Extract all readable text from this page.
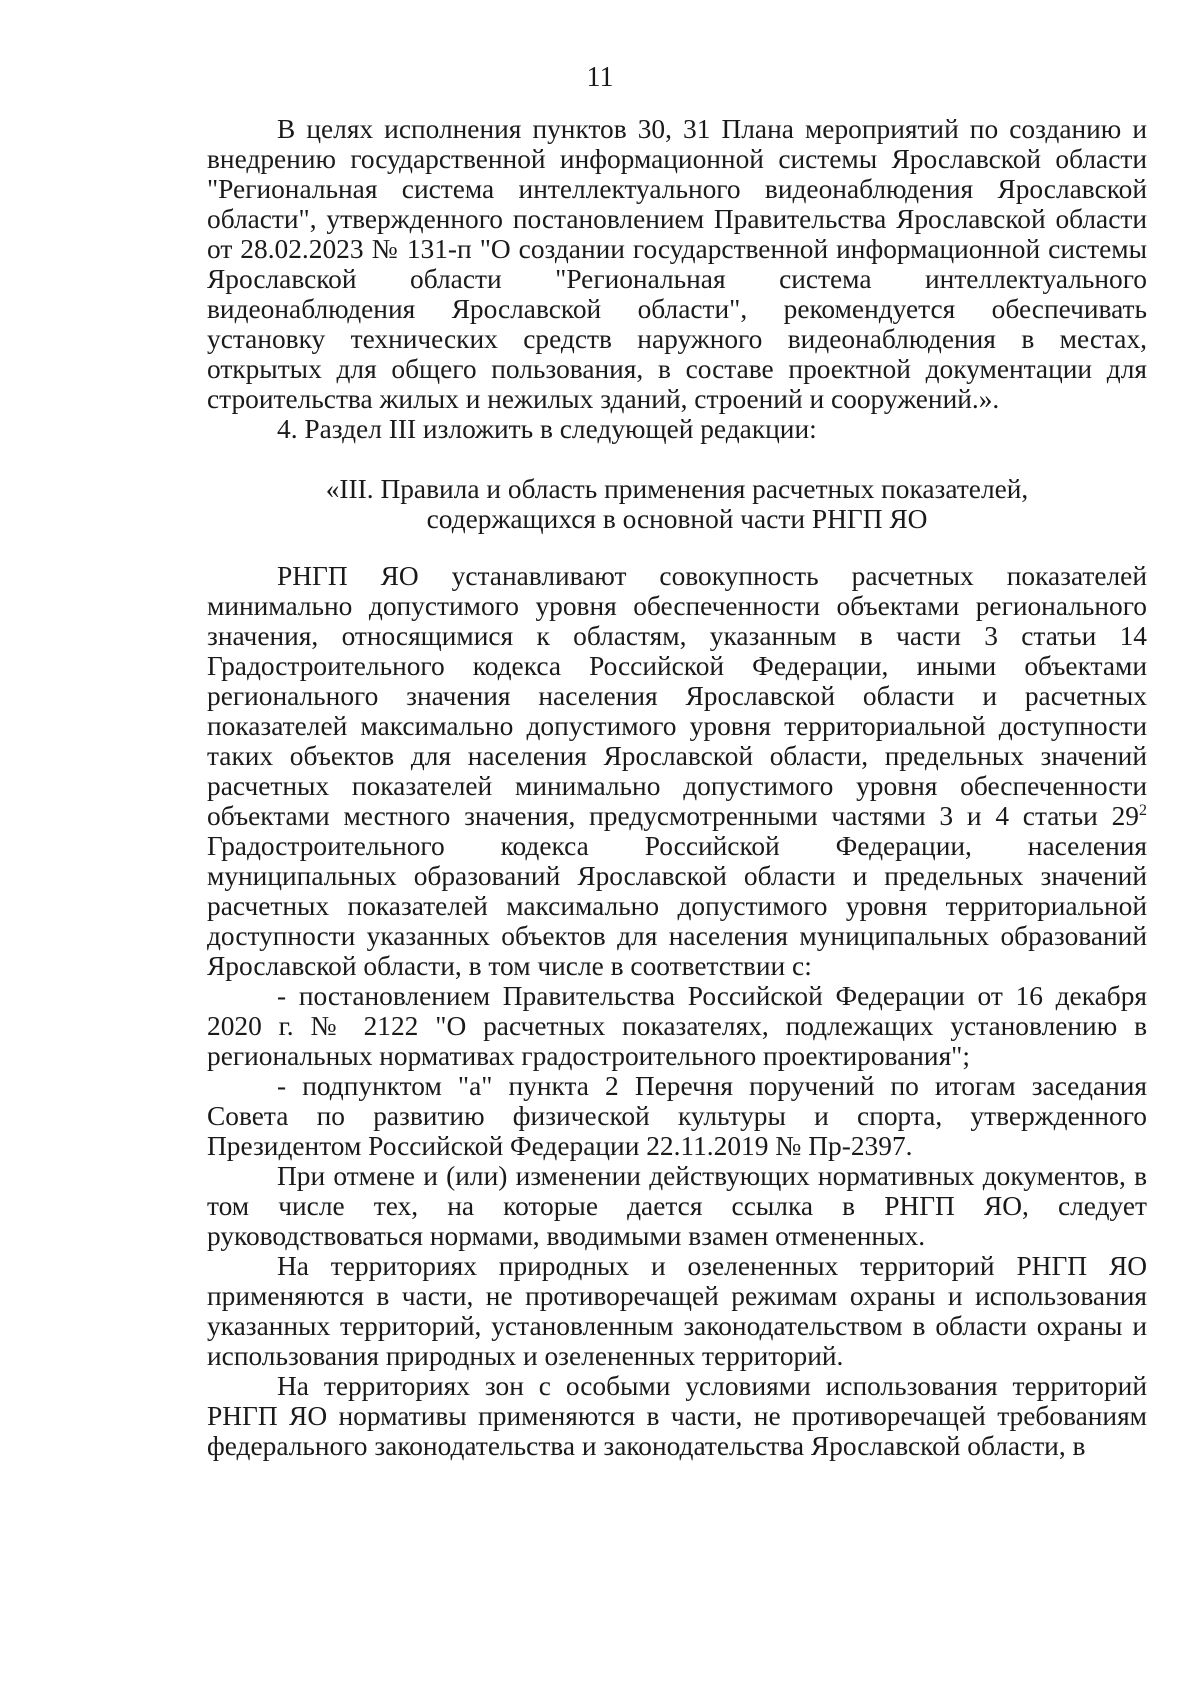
11

В целях исполнения пунктов 30, 31 Плана мероприятий по созданию и внедрению государственной информационной системы Ярославской области "Региональная система интеллектуального видеонаблюдения Ярославской области", утвержденного постановлением Правительства Ярославской области от 28.02.2023 № 131-п "О создании государственной информационной системы Ярославской области "Региональная система интеллектуального видеонаблюдения Ярославской области", рекомендуется обеспечивать установку технических средств наружного видеонаблюдения в местах, открытых для общего пользования, в составе проектной документации для строительства жилых и нежилых зданий, строений и сооружений.».

4. Раздел III изложить в следующей редакции:

«III. Правила и область применения расчетных показателей,
содержащихся в основной части РНГП ЯО

РНГП ЯО устанавливают совокупность расчетных показателей минимально допустимого уровня обеспеченности объектами регионального значения, относящимися к областям, указанным в части 3 статьи 14 Градостроительного кодекса Российской Федерации, иными объектами регионального значения населения Ярославской области и расчетных показателей максимально допустимого уровня территориальной доступности таких объектов для населения Ярославской области, предельных значений расчетных показателей минимально допустимого уровня обеспеченности объектами местного значения, предусмотренными частями 3 и 4 статьи $29^2$ Градостроительного кодекса Российской Федерации, населения муниципальных образований Ярославской области и предельных значений расчетных показателей максимально допустимого уровня территориальной доступности указанных объектов для населения муниципальных образований Ярославской области, в том числе в соответствии с:

- постановлением Правительства Российской Федерации от 16 декабря 2020 г. № 2122 "О расчетных показателях, подлежащих установлению в региональных нормативах градостроительного проектирования";

- подпунктом "а" пункта 2 Перечня поручений по итогам заседания Совета по развитию физической культуры и спорта, утвержденного Президентом Российской Федерации 22.11.2019 № Пр-2397.

При отмене и (или) изменении действующих нормативных документов, в том числе тех, на которые дается ссылка в РНГП ЯО, следует руководствоваться нормами, вводимыми взамен отмененных.

На территориях природных и озелененных территорий РНГП ЯО применяются в части, не противоречащей режимам охраны и использования указанных территорий, установленным законодательством в области охраны и использования природных и озелененных территорий.

На территориях зон с особыми условиями использования территорий РНГП ЯО нормативы применяются в части, не противоречащей требованиям федерального законодательства и законодательства Ярославской области, в
